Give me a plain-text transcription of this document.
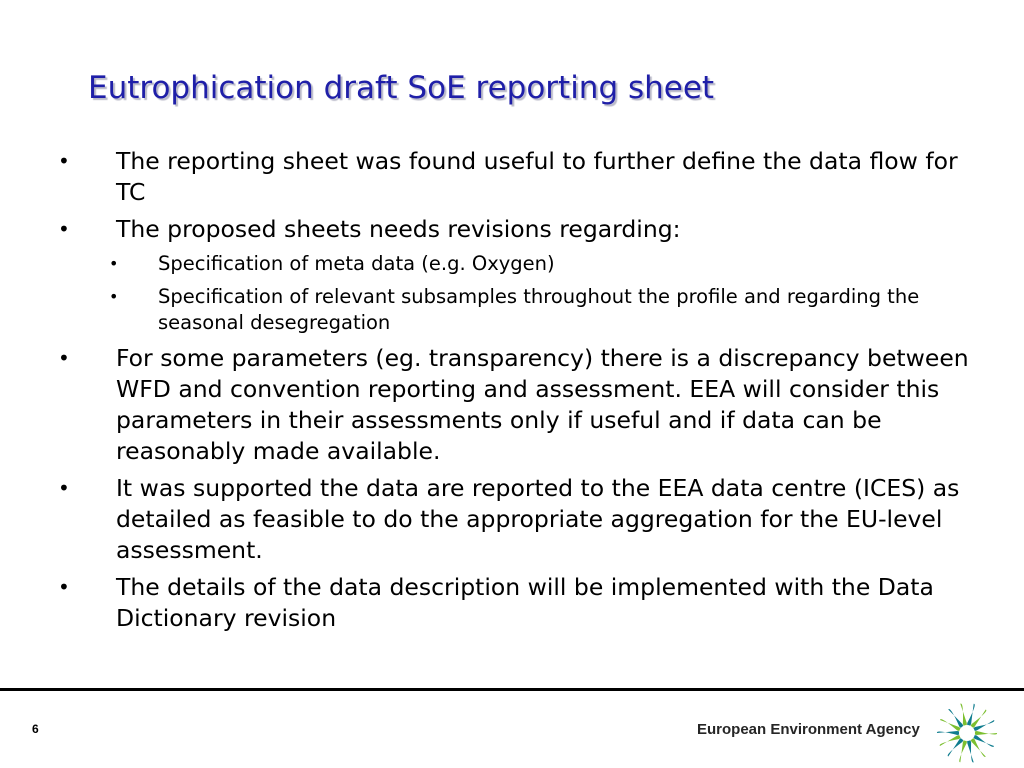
Eutrophication draft SoE reporting sheet
• The reporting sheet was found useful to further define the data flow for TC
• The proposed sheets needs revisions regarding:
• Specification of meta data (e.g. Oxygen)
• Specification of relevant subsamples throughout the profile and regarding the seasonal desegregation
• For some parameters (eg. transparency) there is a discrepancy between WFD and convention reporting and assessment. EEA will consider this parameters in their assessments only if useful and if data can be reasonably made available.
• It was supported the data are reported to the EEA data centre (ICES) as detailed as feasible to do the appropriate aggregation for the EU-level assessment.
• The details of the data description will be implemented with the Data Dictionary revision
6	European Environment Agency
